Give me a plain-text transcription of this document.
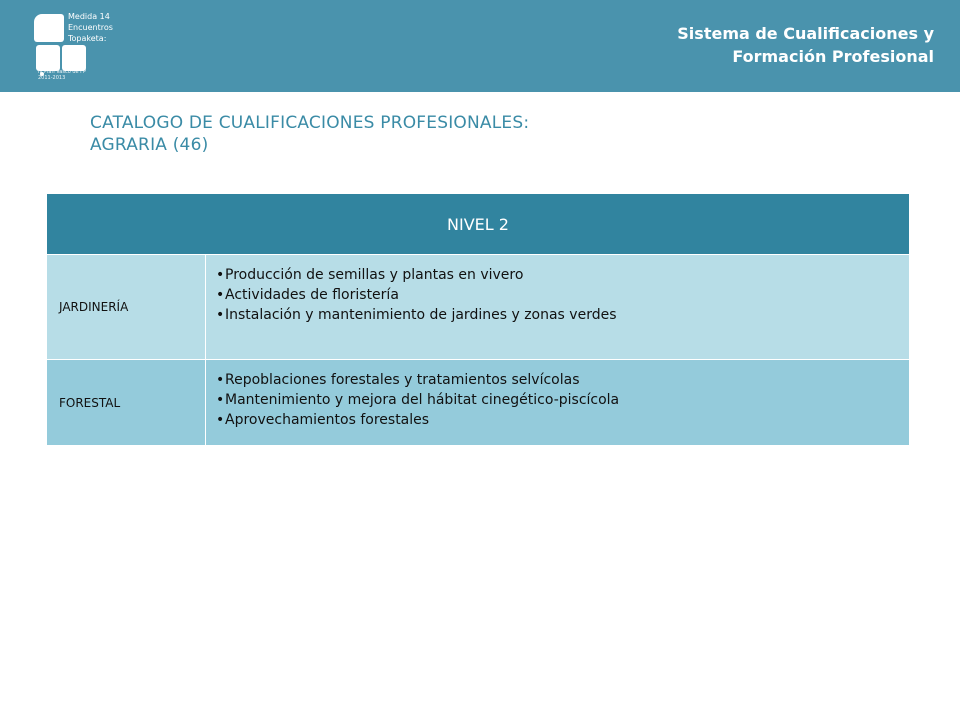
Medida 14
Encuentros
Topaketa:
III Plan Vasco de FP
2011-2013
Sistema de Cualificaciones y
Formación Profesional
CATALOGO DE CUALIFICACIONES PROFESIONALES:
AGRARIA (46)
NIVEL 2
JARDINERÍA
• Producción de semillas y plantas en vivero
• Actividades de floristería
• Instalación y mantenimiento de jardines y zonas verdes
FORESTAL
• Repoblaciones forestales y tratamientos selvícolas
• Mantenimiento y mejora del hábitat cinegético-piscícola
• Aprovechamientos forestales
